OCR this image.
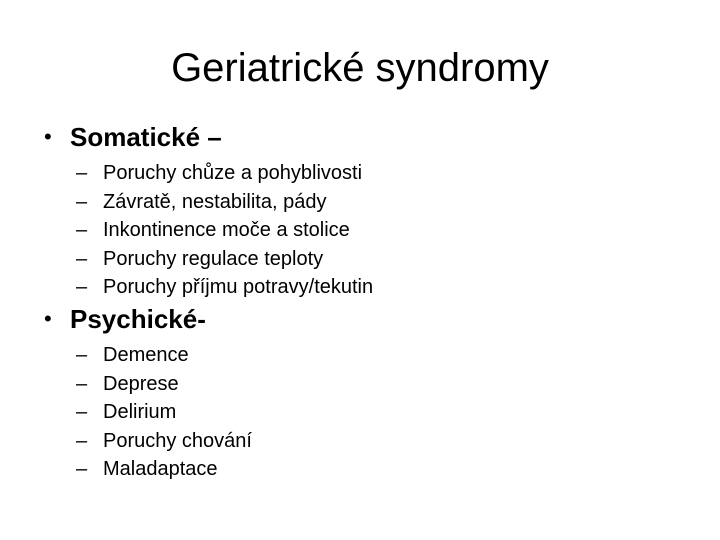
Geriatrické syndromy
• Somatické –
– Poruchy chůze a pohyblivosti
– Závratě, nestabilita, pády
– Inkontinence moče a stolice
– Poruchy regulace teploty
– Poruchy příjmu potravy/tekutin
• Psychické-
– Demence
– Deprese
– Delirium
– Poruchy chování
– Maladaptace
